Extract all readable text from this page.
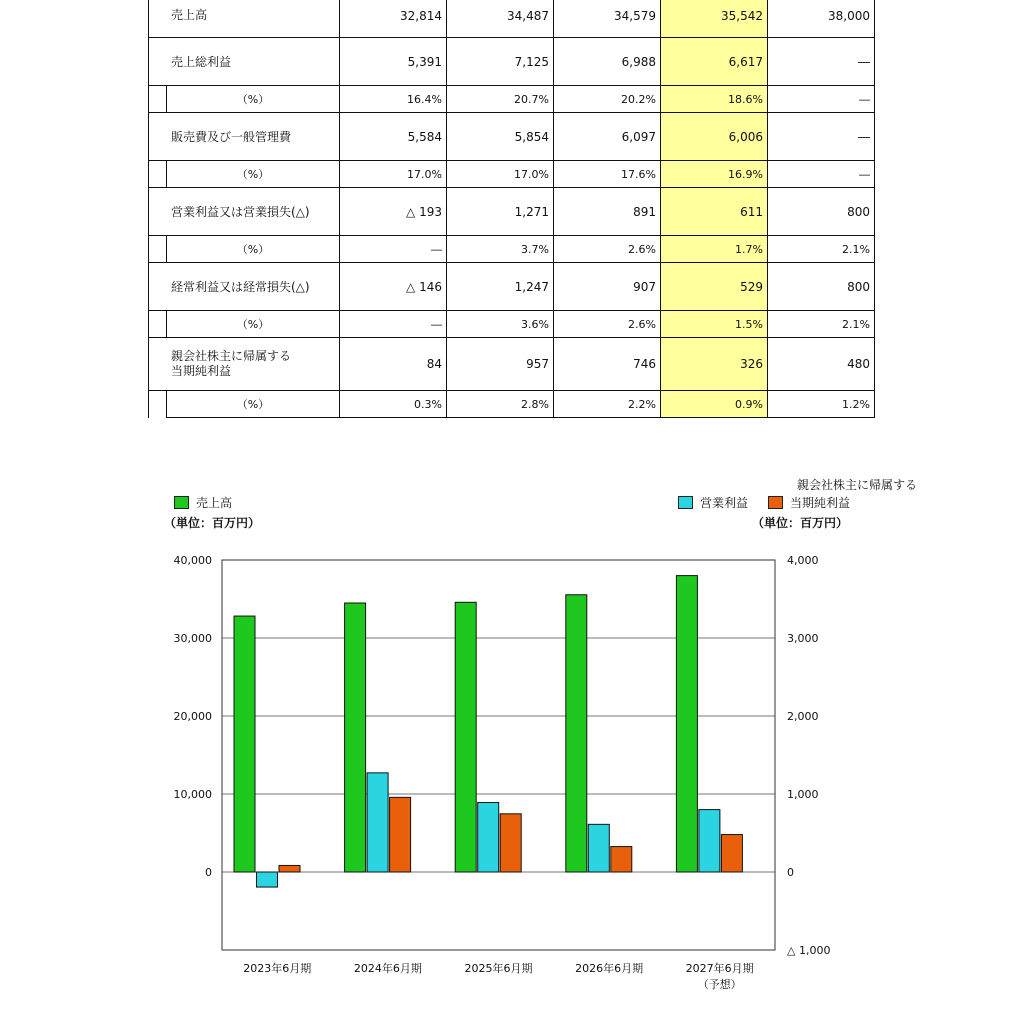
売上高		32,814	34,487	34,579	35,542	38,000
売上総利益		5,391	7,125	6,988	6,617	―
	（%）	16.4%	20.7%	20.2%	18.6%	―
販売費及び一般管理費		5,584	5,854	6,097	6,006	―
	（%）	17.0%	17.0%	17.6%	16.9%	―
営業利益又は営業損失(△)		△ 193	1,271	891	611	800
	（%）	―	3.7%	2.6%	1.7%	2.1%
経常利益又は経常損失(△)		△ 146	1,247	907	529	800
	（%）	―	3.6%	2.6%	1.5%	2.1%
親会社株主に帰属する
当期純利益		84	957	746	326	480
	（%）	0.3%	2.8%	2.2%	0.9%	1.2%
売上高
（単位：百万円）
営業利益
親会社株主に帰属する
当期純利益
（単位：百万円）
0
10,000
20,000
30,000
40,000
△ 1,000
0
1,000
2,000
3,000
4,000
2023年6月期	2024年6月期	2025年6月期	2026年6月期	2027年6月期
（予想）
